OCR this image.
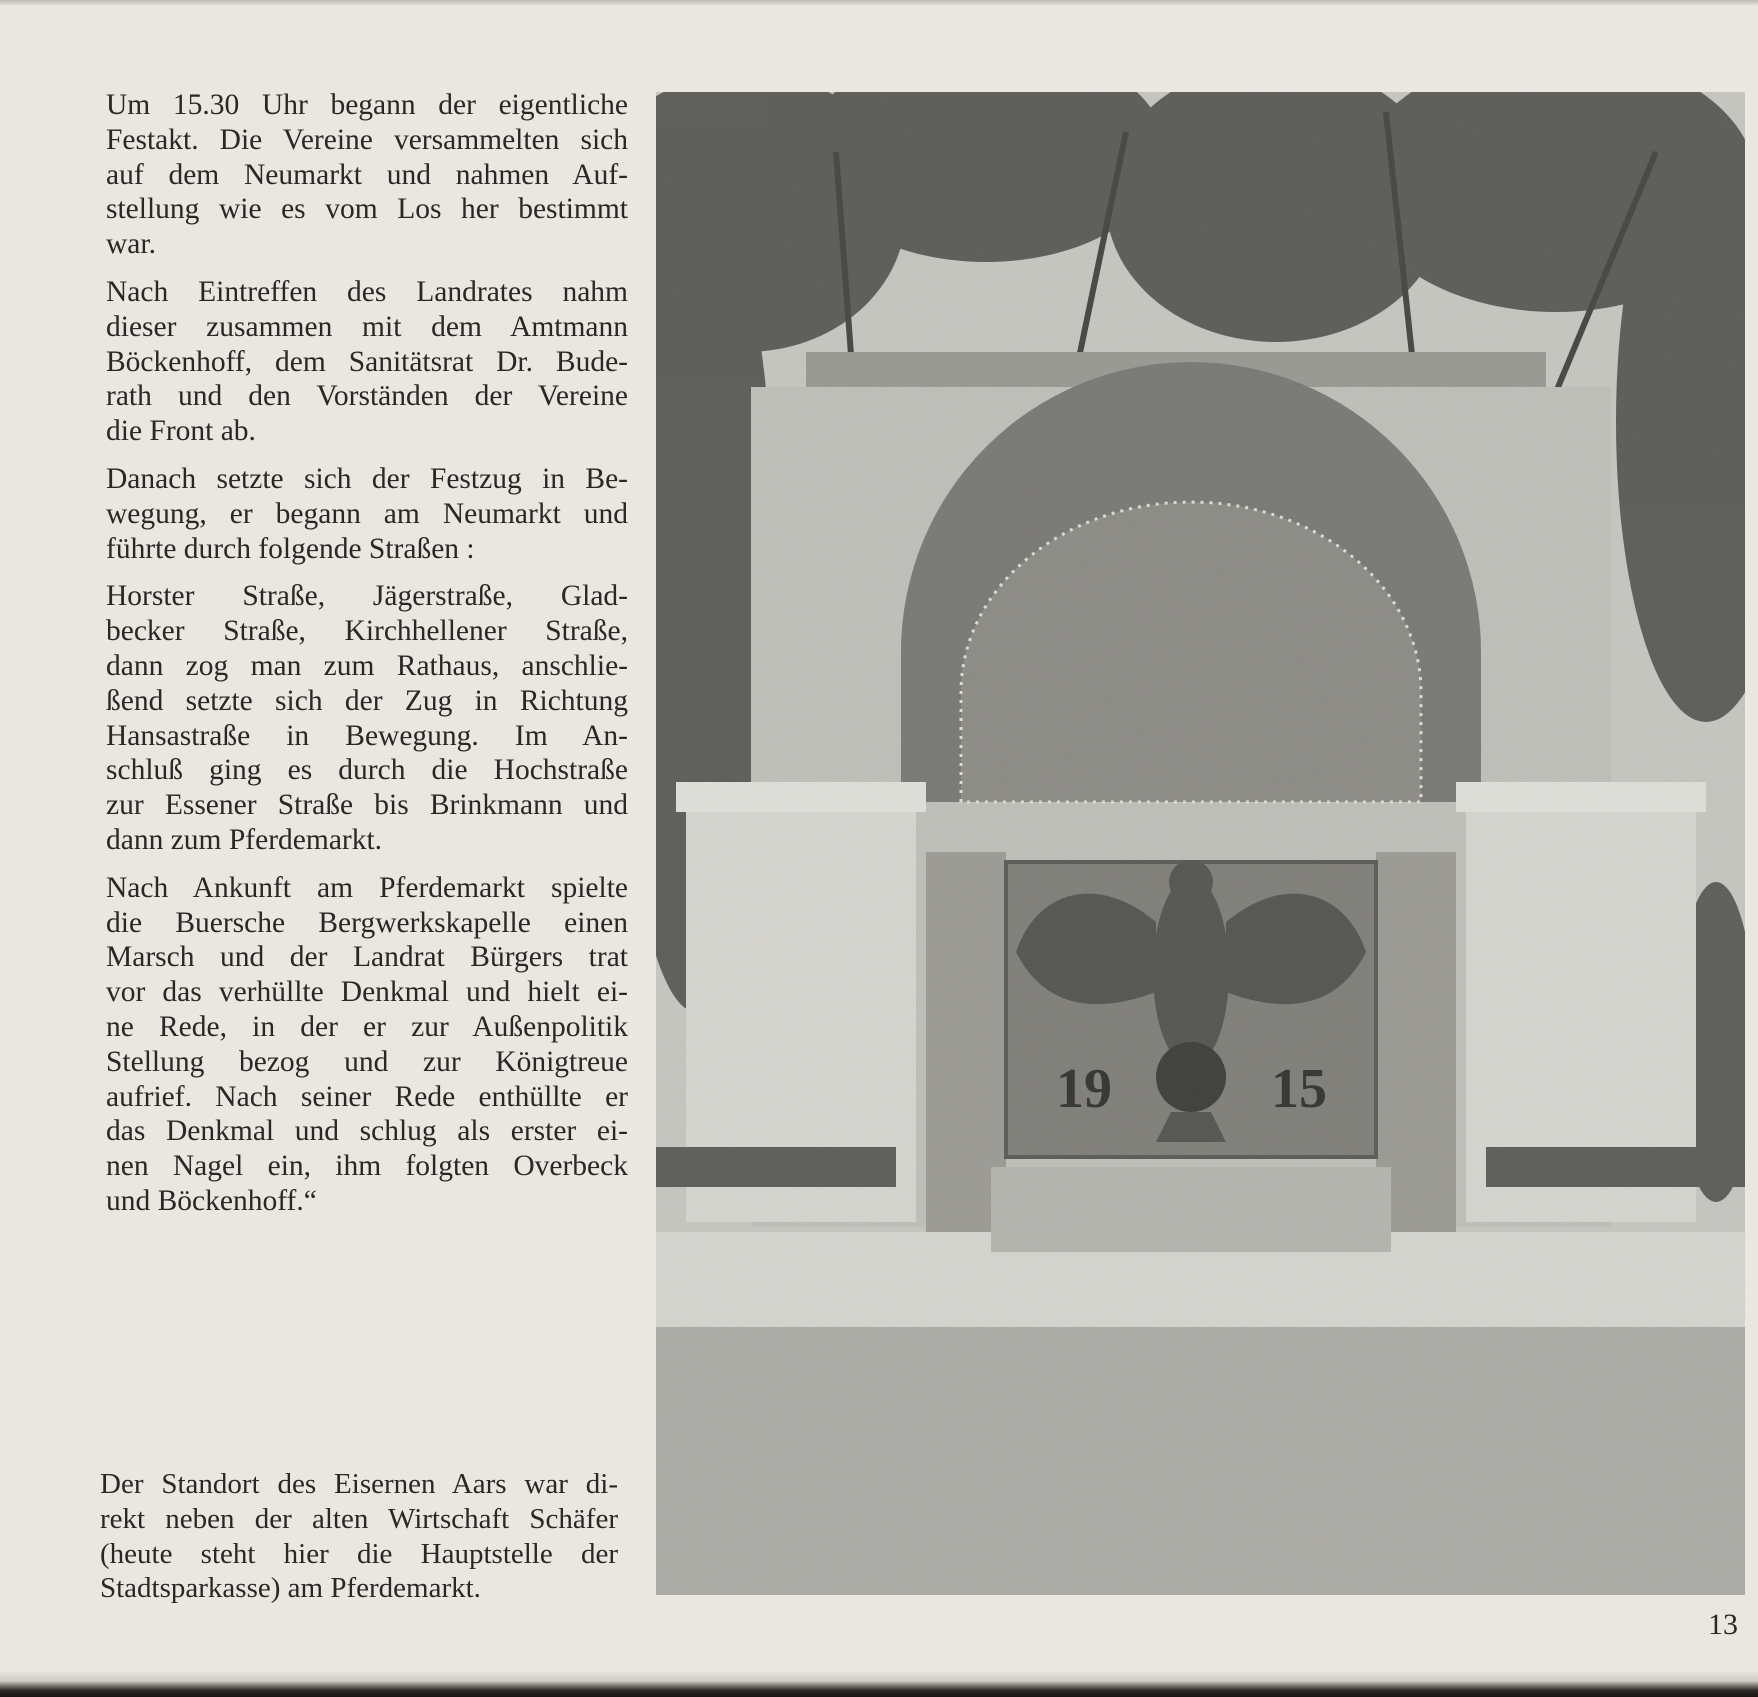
Um 15.30 Uhr begann der eigentliche
Festakt. Die Vereine versammelten sich
auf dem Neumarkt und nahmen Auf-
stellung wie es vom Los her bestimmt
war.
Nach Eintreffen des Landrates nahm
dieser zusammen mit dem Amtmann
Böckenhoff, dem Sanitätsrat Dr. Bude-
rath und den Vorständen der Vereine
die Front ab.
Danach setzte sich der Festzug in Be-
wegung, er begann am Neumarkt und
führte durch folgende Straßen :
Horster Straße, Jägerstraße, Glad-
becker Straße, Kirchhellener Straße,
dann zog man zum Rathaus, anschlie-
ßend setzte sich der Zug in Richtung
Hansastraße in Bewegung. Im An-
schluß ging es durch die Hochstraße
zur Essener Straße bis Brinkmann und
dann zum Pferdemarkt.
Nach Ankunft am Pferdemarkt spielte
die Buersche Bergwerkskapelle einen
Marsch und der Landrat Bürgers trat
vor das verhüllte Denkmal und hielt ei-
ne Rede, in der er zur Außenpolitik
Stellung bezog und zur Königtreue
aufrief. Nach seiner Rede enthüllte er
das Denkmal und schlug als erster ei-
nen Nagel ein, ihm folgten Overbeck
und Böckenhoff.“
19	15
Der Standort des Eisernen Aars war di-
rekt neben der alten Wirtschaft Schäfer
(heute steht hier die Hauptstelle der
Stadtsparkasse) am Pferdemarkt.
13
